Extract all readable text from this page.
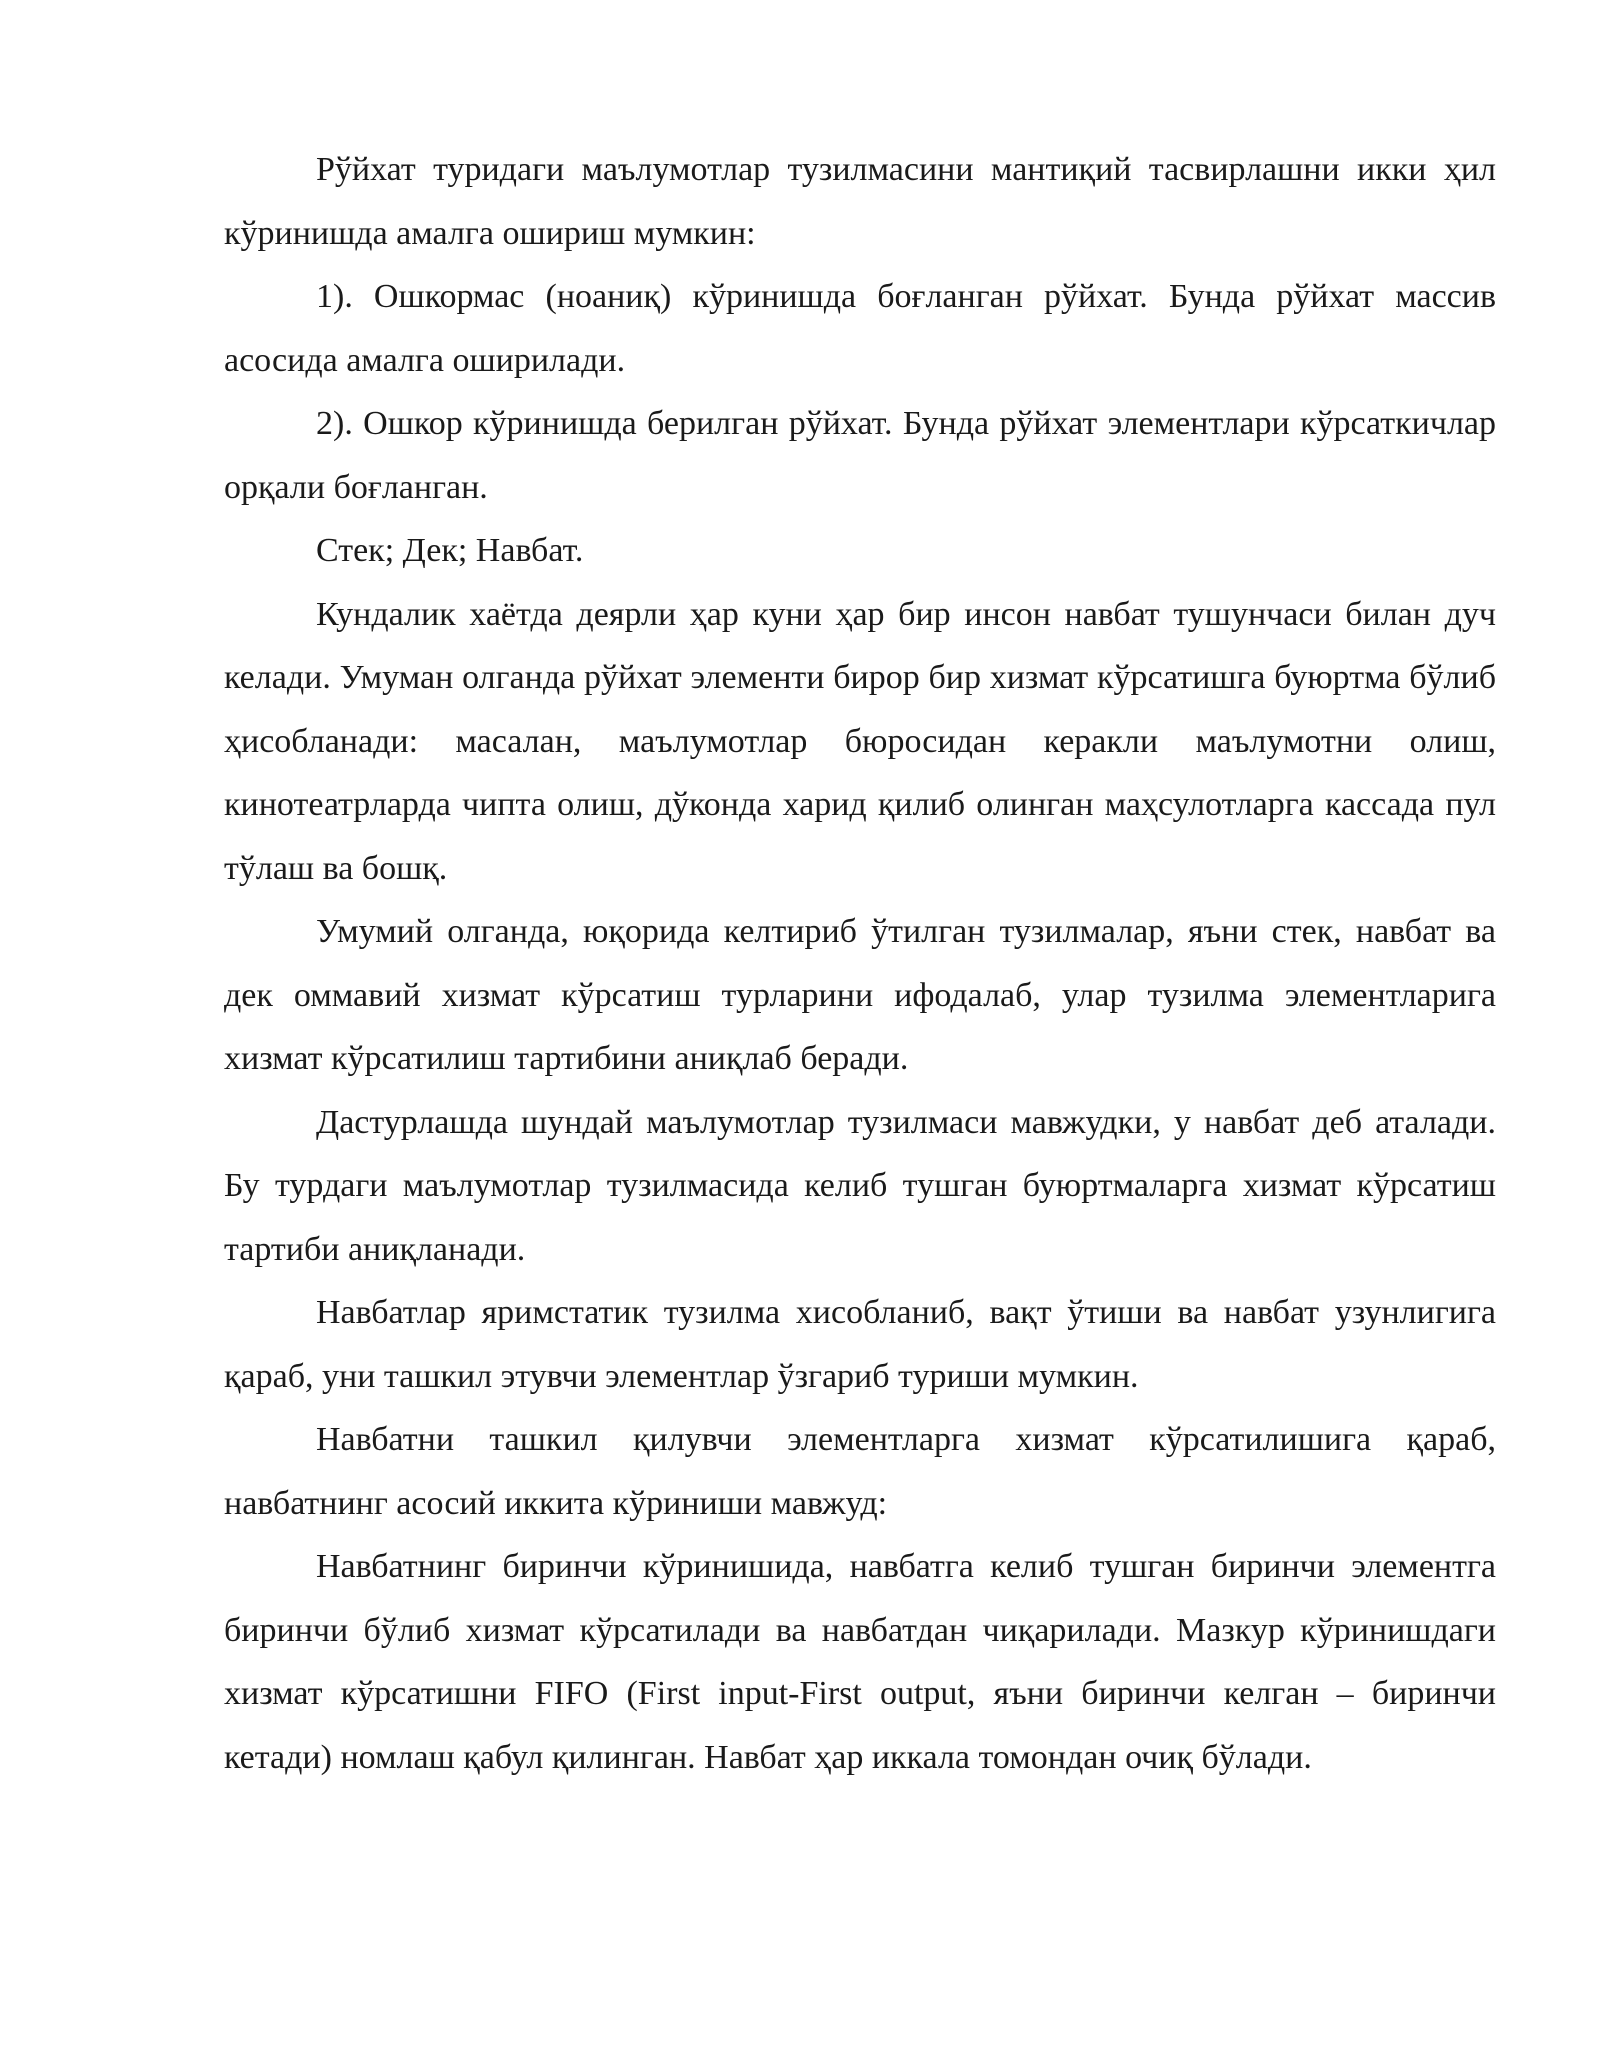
Рўйхат туридаги маълумотлар тузилмасини мантиқий тасвирлашни икки ҳил кўринишда амалга ошириш мумкин:

1). Ошкормас (ноаниқ) кўринишда боғланган рўйхат. Бунда рўйхат массив асосида амалга оширилади.

2). Ошкор кўринишда берилган рўйхат. Бунда рўйхат элементлари кўрсаткичлар орқали боғланган.

Стек; Дек; Навбат.

Кундалик хаётда деярли ҳар куни ҳар бир инсон навбат тушунчаси билан дуч келади. Умуман олганда рўйхат элементи бирор бир хизмат кўрсатишга буюртма бўлиб ҳисобланади: масалан, маълумотлар бюросидан керакли маълумотни олиш, кинотеатрларда чипта олиш, дўконда харид қилиб олинган маҳсулотларга кассада пул тўлаш ва бошқ.

Умумий олганда, юқорида келтириб ўтилган тузилмалар, яъни стек, навбат ва дек оммавий хизмат кўрсатиш турларини ифодалаб, улар тузилма элементларига хизмат кўрсатилиш тартибини аниқлаб беради.

Дастурлашда шундай маълумотлар тузилмаси мавжудки, у навбат деб аталади. Бу турдаги маълумотлар тузилмасида келиб тушган буюртмаларга хизмат кўрсатиш тартиби аниқланади.

Навбатлар яримстатик тузилма хисобланиб, вақт ўтиши ва навбат узунлигига қараб, уни ташкил этувчи элементлар ўзгариб туриши мумкин.

Навбатни ташкил қилувчи элементларга хизмат кўрсатилишига қараб, навбатнинг асосий иккита кўриниши мавжуд:

Навбатнинг биринчи кўринишида, навбатга келиб тушган биринчи элементга биринчи бўлиб хизмат кўрсатилади ва навбатдан чиқарилади. Мазкур кўринишдаги хизмат кўрсатишни FIFO (First input-First output, яъни биринчи келган – биринчи кетади) номлаш қабул қилинган. Навбат ҳар иккала томондан очиқ бўлади.
